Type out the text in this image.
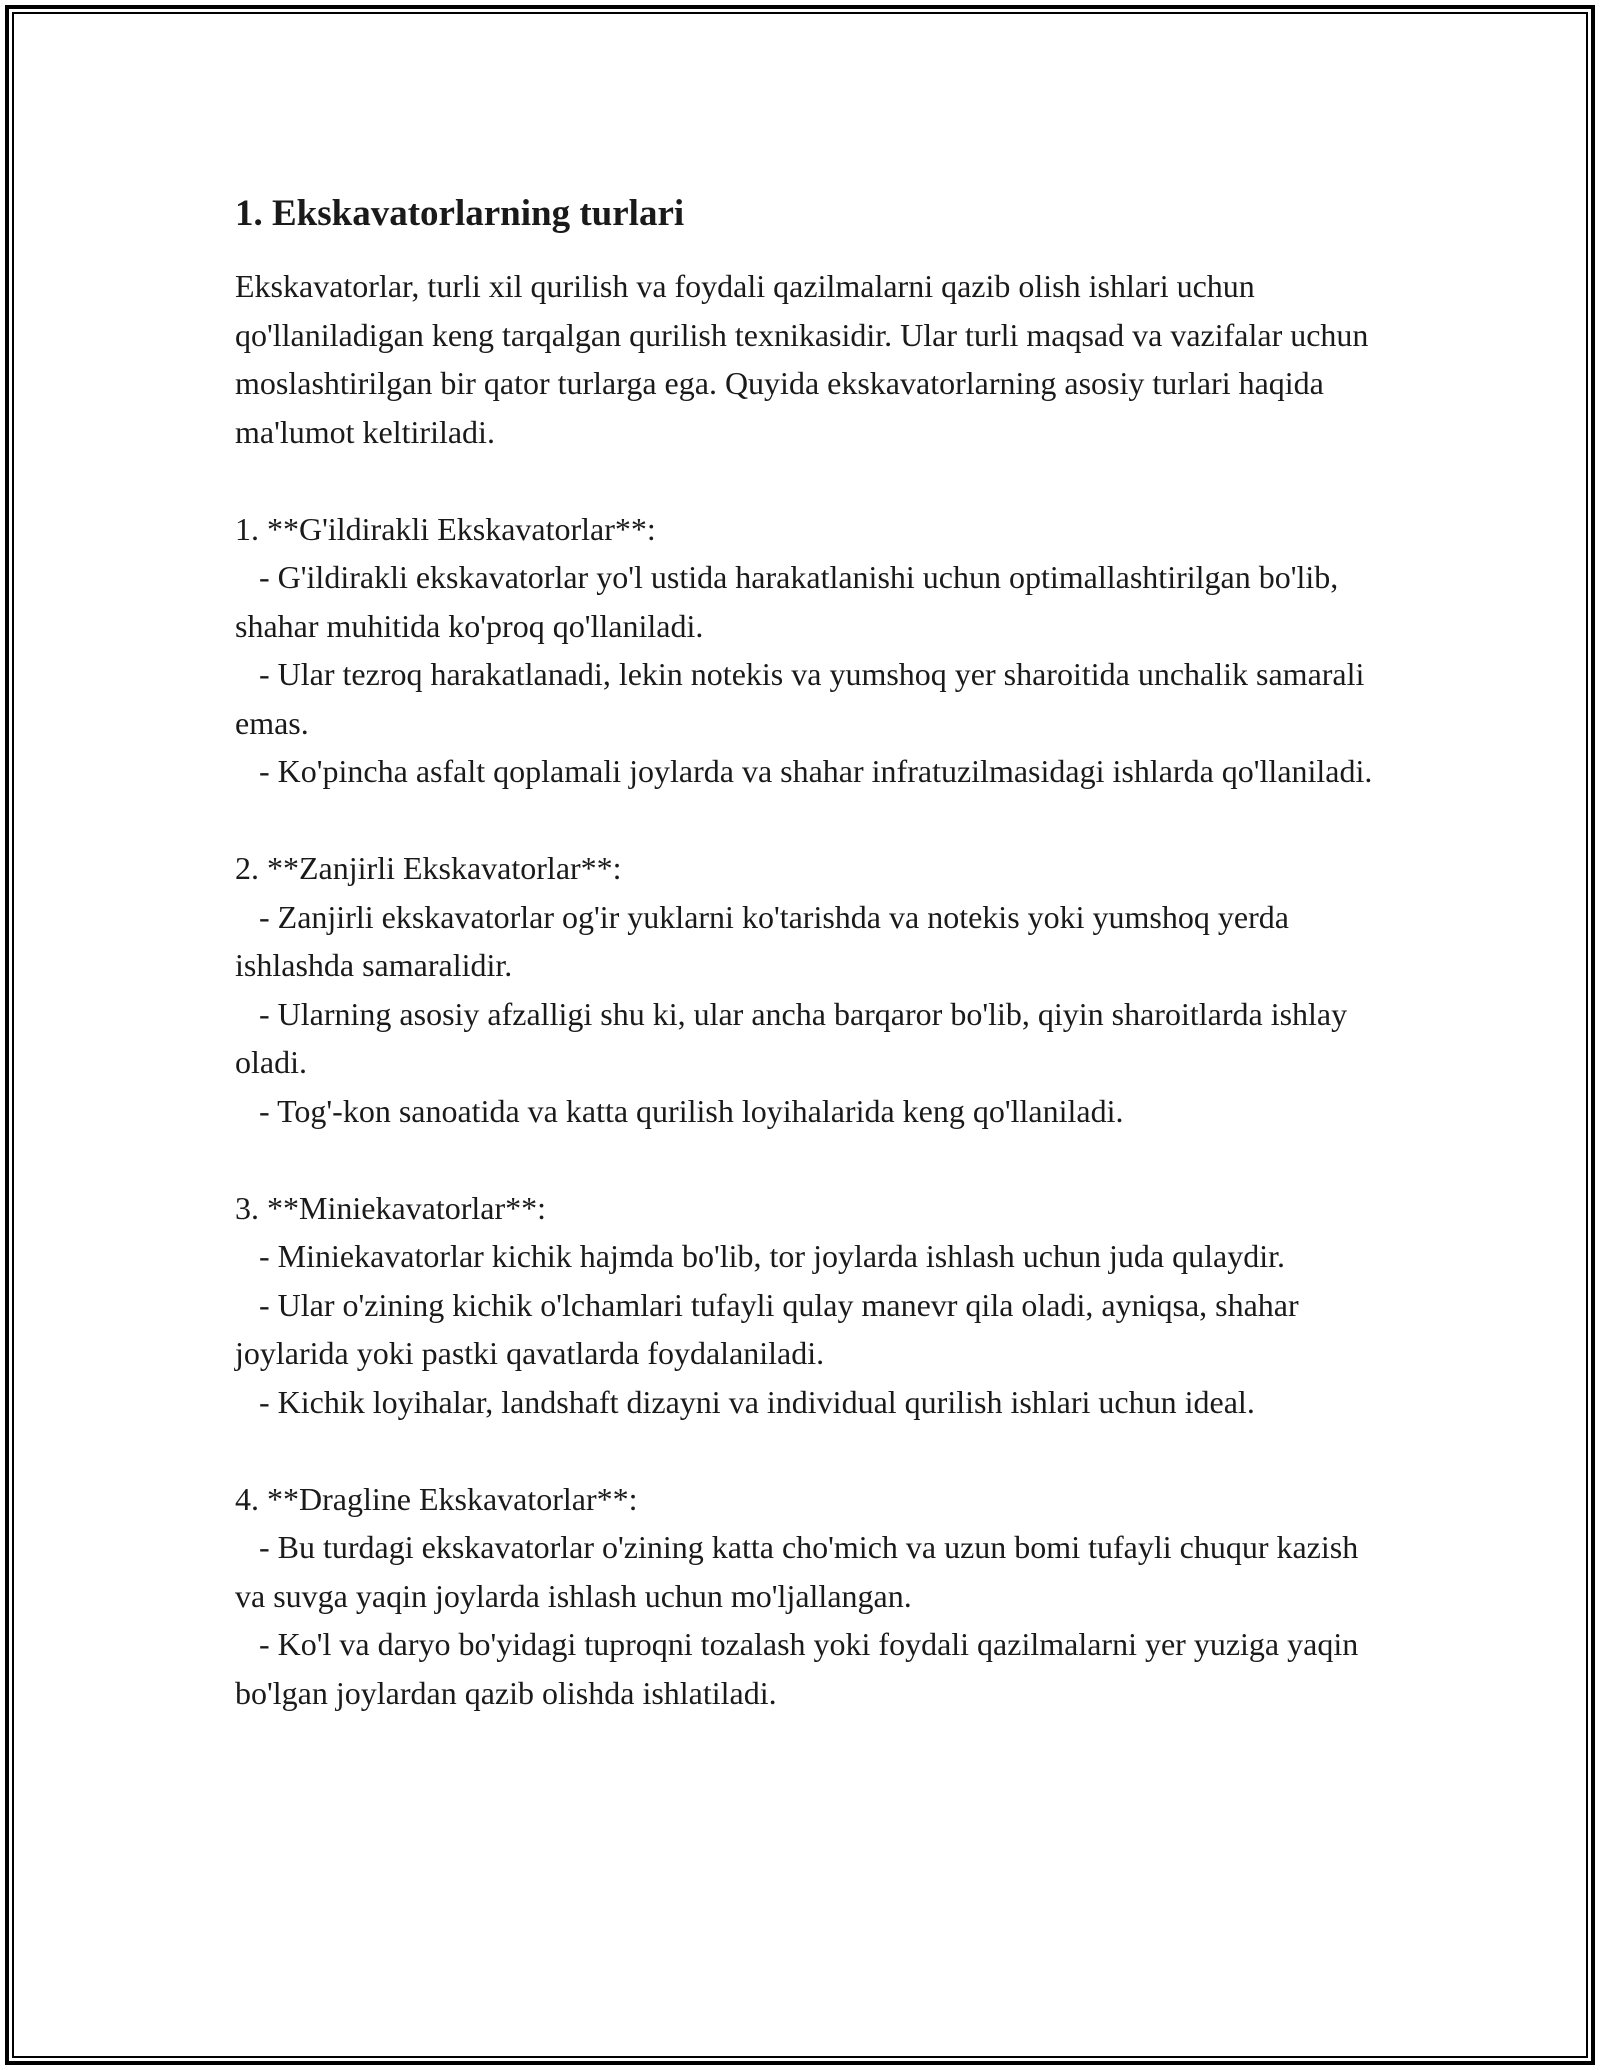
1. Ekskavatorlarning turlari

Ekskavatorlar, turli xil qurilish va foydali qazilmalarni qazib olish ishlari uchun qo'llaniladigan keng tarqalgan qurilish texnikasidir. Ular turli maqsad va vazifalar uchun moslashtirilgan bir qator turlarga ega. Quyida ekskavatorlarning asosiy turlari haqida ma'lumot keltiriladi.

1. **G'ildirakli Ekskavatorlar**:
- G'ildirakli ekskavatorlar yo'l ustida harakatlanishi uchun optimallashtirilgan bo'lib, shahar muhitida ko'proq qo'llaniladi.
- Ular tezroq harakatlanadi, lekin notekis va yumshoq yer sharoitida unchalik samarali emas.
- Ko'pincha asfalt qoplamali joylarda va shahar infratuzilmasidagi ishlarda qo'llaniladi.
2. **Zanjirli Ekskavatorlar**:
- Zanjirli ekskavatorlar og'ir yuklarni ko'tarishda va notekis yoki yumshoq yerda ishlashda samaralidir.
- Ularning asosiy afzalligi shu ki, ular ancha barqaror bo'lib, qiyin sharoitlarda ishlay oladi.
- Tog'-kon sanoatida va katta qurilish loyihalarida keng qo'llaniladi.
3. **Miniekavatorlar**:
- Miniekavatorlar kichik hajmda bo'lib, tor joylarda ishlash uchun juda qulaydir.
- Ular o'zining kichik o'lchamlari tufayli qulay manevr qila oladi, ayniqsa, shahar joylarida yoki pastki qavatlarda foydalaniladi.
- Kichik loyihalar, landshaft dizayni va individual qurilish ishlari uchun ideal.
4. **Dragline Ekskavatorlar**:
- Bu turdagi ekskavatorlar o'zining katta cho'mich va uzun bomi tufayli chuqur kazish va suvga yaqin joylarda ishlash uchun mo'ljallangan.
- Ko'l va daryo bo'yidagi tuproqni tozalash yoki foydali qazilmalarni yer yuziga yaqin bo'lgan joylardan qazib olishda ishlatiladi.
